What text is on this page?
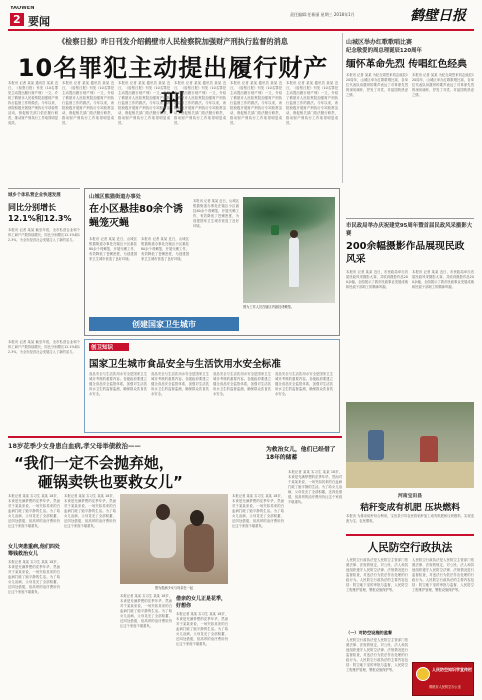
YAOWEN
2 要闻
责任编辑:任新丽 星期三 2018年1月	鹤壁日报
《检察日报》昨日刊发介绍鹤壁市人民检察院加强财产刑执行监督的消息
10名罪犯主动提出履行财产刑
本报讯 记者 某某 通讯员 某某 近日，《检察日报》刊发《10名罪犯主动提出履行财产刑》一文，介绍了鹤壁市人民检察院加强财产刑执行监督工作的做法。今年以来，该院积极开展财产刑执行专项检察活动，督促相关部门依法履行职责，推动财产刑执行工作取得明显成效。
本报讯 记者 某某 通讯员 某某 近日，《检察日报》刊发《10名罪犯主动提出履行财产刑》一文，介绍了鹤壁市人民检察院加强财产刑执行监督工作的做法。今年以来，该院积极开展财产刑执行专项检察活动，督促相关部门依法履行职责，推动财产刑执行工作取得明显成效。
本报讯 记者 某某 通讯员 某某 近日，《检察日报》刊发《10名罪犯主动提出履行财产刑》一文，介绍了鹤壁市人民检察院加强财产刑执行监督工作的做法。今年以来，该院积极开展财产刑执行专项检察活动，督促相关部门依法履行职责，推动财产刑执行工作取得明显成效。
本报讯 记者 某某 通讯员 某某 近日，《检察日报》刊发《10名罪犯主动提出履行财产刑》一文，介绍了鹤壁市人民检察院加强财产刑执行监督工作的做法。今年以来，该院积极开展财产刑执行专项检察活动，督促相关部门依法履行职责，推动财产刑执行工作取得明显成效。
本报讯 记者 某某 通讯员 某某 近日，《检察日报》刊发《10名罪犯主动提出履行财产刑》一文，介绍了鹤壁市人民检察院加强财产刑执行监督工作的做法。今年以来，该院积极开展财产刑执行专项检察活动，督促相关部门依法履行职责，推动财产刑执行工作取得明显成效。
本报讯 记者 某某 通讯员 某某 近日，《检察日报》刊发《10名罪犯主动提出履行财产刑》一文，介绍了鹤壁市人民检察院加强财产刑执行监督工作的做法。今年以来，该院积极开展财产刑执行专项检察活动，督促相关部门依法履行职责，推动财产刑执行工作取得明显成效。
山城区举办红歌歌唱比赛
纪念敬爱的周总理诞辰120周年
缅怀革命先烈 传唱红色经典
本报讯 记者 某某 为纪念周恩来同志诞辰120周年，山城区举办红歌歌唱比赛，各单位代表队用激昂的歌声表达了对革命先烈的深切缅怀，抒发了对党、对祖国的热爱之情。
本报讯 记者 某某 为纪念周恩来同志诞辰120周年，山城区举办红歌歌唱比赛，各单位代表队用激昂的歌声表达了对革命先烈的深切缅怀，抒发了对党、对祖国的热爱之情。
城乡个体私营企业快速发展
同比分别增长12.1%和12.3%
本报讯 记者 某某 截至年底，全市私营企业和个体工商户户数持续增长，同比分别增长12.1%和12.3%，为全市经济社会发展注入了新的活力。
山城区熊猫街道办事处
在小区悬挂80余个诱蝇笼灭蝇
本报讯 记者 某某 近日，山城区熊猫街道办事处在辖区小区悬挂80余个诱蝇笼，开展灭蝇工作，有效降低了苍蝇密度，为创建国家卫生城市营造了良好环境。
本报讯 记者 某某 近日，山城区熊猫街道办事处在辖区小区悬挂80余个诱蝇笼，开展灭蝇工作，有效降低了苍蝇密度，为创建国家卫生城市营造了良好环境。
本报讯 记者 某某 近日，山城区熊猫街道办事处在辖区小区悬挂80余个诱蝇笼，开展灭蝇工作，有效降低了苍蝇密度，为创建国家卫生城市营造了良好环境。
图为工作人员在辖区内悬挂诱蝇笼。
创建国家卫生城市
创卫知识
国家卫生城市食品安全与生活饮用水安全标准
食品安全与生活饮用水安全是国家卫生城市考核的重要内容。各级政府要建立健全食品安全监管体系，加强对生活饮用水卫生的监督监测，确保群众饮食饮水安全。
食品安全与生活饮用水安全是国家卫生城市考核的重要内容。各级政府要建立健全食品安全监管体系，加强对生活饮用水卫生的监督监测，确保群众饮食饮水安全。
食品安全与生活饮用水安全是国家卫生城市考核的重要内容。各级政府要建立健全食品安全监管体系，加强对生活饮用水卫生的监督监测，确保群众饮食饮水安全。
食品安全与生活饮用水安全是国家卫生城市考核的重要内容。各级政府要建立健全食品安全监管体系，加强对生活饮用水卫生的监督监测，确保群众饮食饮水安全。
本报讯 记者 某某 截至年底，全市私营企业和个体工商户户数持续增长，同比分别增长12.1%和12.3%，为全市经济社会发展注入了新的活力。
市民政局举办庆祝建党95周年暨首届民政风采摄影大赛
200余幅摄影作品展现民政风采
本报讯 记者 某某 近日，市民政局举办首届民政风采摄影大赛，共收到摄影作品200余幅，全面展示了我市民政事业发展成就和民政干部职工的精神风貌。
本报讯 记者 某某 近日，市民政局举办首届民政风采摄影大赛，共收到摄影作品200余幅，全面展示了我市民政事业发展成就和民政干部职工的精神风貌。
河南宝田县
秸秆变成有机肥 压块燃料
本报讯 为推动秸秆综合利用，宝田县引导农民将秸秆加工成有机肥和压块燃料，实现变废为宝，农民增收。
18岁花季少女身患白血病,孝父母举债救治——
“我们一定不会抛弃她，
砸锅卖铁也要救女儿”
本报记者 某某 实习生 某某 18岁，本该是充满梦想的花季年华，然而对于某某来说，一场突如其来的白血病打破了她平静的生活。为了给女儿治病，父母花光了全部积蓄，还四处借债，但高昂的治疗费用仍让这个家庭不堪重负。
女儿突患重病,他们四处筹钱救治女儿
本报记者 某某 实习生 某某 18岁，本该是充满梦想的花季年华，然而对于某某来说，一场突如其来的白血病打破了她平静的生活。为了给女儿治病，父母花光了全部积蓄，还四处借债，但高昂的治疗费用仍让这个家庭不堪重负。
本报记者 某某 实习生 某某 18岁，本该是充满梦想的花季年华，然而对于某某来说，一场突如其来的白血病打破了她平静的生活。为了给女儿治病，父母花光了全部积蓄，还四处借债，但高昂的治疗费用仍让这个家庭不堪重负。
图为患病少女与母亲在一起
本报记者 某某 实习生 某某 18岁，本该是充满梦想的花季年华，然而对于某某来说，一场突如其来的白血病打破了她平静的生活。为了给女儿治病，父母花光了全部积蓄，还四处借债，但高昂的治疗费用仍让这个家庭不堪重负。
借亲的女儿正是花季，好想你
本报记者 某某 实习生 某某 18岁，本该是充满梦想的花季年华，然而对于某某来说，一场突如其来的白血病打破了她平静的生活。为了给女儿治病，父母花光了全部积蓄，还四处借债，但高昂的治疗费用仍让这个家庭不堪重负。
本报记者 某某 实习生 某某 18岁，本该是充满梦想的花季年华，然而对于某某来说，一场突如其来的白血病打破了她平静的生活。为了给女儿治病，父母花光了全部积蓄，还四处借债，但高昂的治疗费用仍让这个家庭不堪重负。
为救治女儿，他们已经借了18年的储蓄
本报记者 某某 实习生 某某 18岁，本该是充满梦想的花季年华，然而对于某某来说，一场突如其来的白血病打破了她平静的生活。为了给女儿治病，父母花光了全部积蓄，还四处借债，但高昂的治疗费用仍让这个家庭不堪重负。
人民防空行政执法
人民防空行政执法是人民防空主管部门依照法律、法规的规定，对公民、法人和其他组织遵守人民防空法律、法规情况进行监督检查，对违法行为依法作出处理的行政行为。人民防空行政执法的主要内容包括：防空地下室的审批与监督，人民防空工程维护管理，警报设施保护等。
（一）对防空设施的监督
人民防空行政执法是人民防空主管部门依照法律、法规的规定，对公民、法人和其他组织遵守人民防空法律、法规情况进行监督检查，对违法行为依法作出处理的行政行为。人民防空行政执法的主要内容包括：防空地下室的审批与监督，人民防空工程维护管理，警报设施保护等。
人民防空行政执法是人民防空主管部门依照法律、法规的规定，对公民、法人和其他组织遵守人民防空法律、法规情况进行监督检查，对违法行为依法作出处理的行政行为。人民防空行政执法的主要内容包括：防空地下室的审批与监督，人民防空工程维护管理，警报设施保护等。
人民防空知识学宣传栏
鹤壁市人民防空办公室
